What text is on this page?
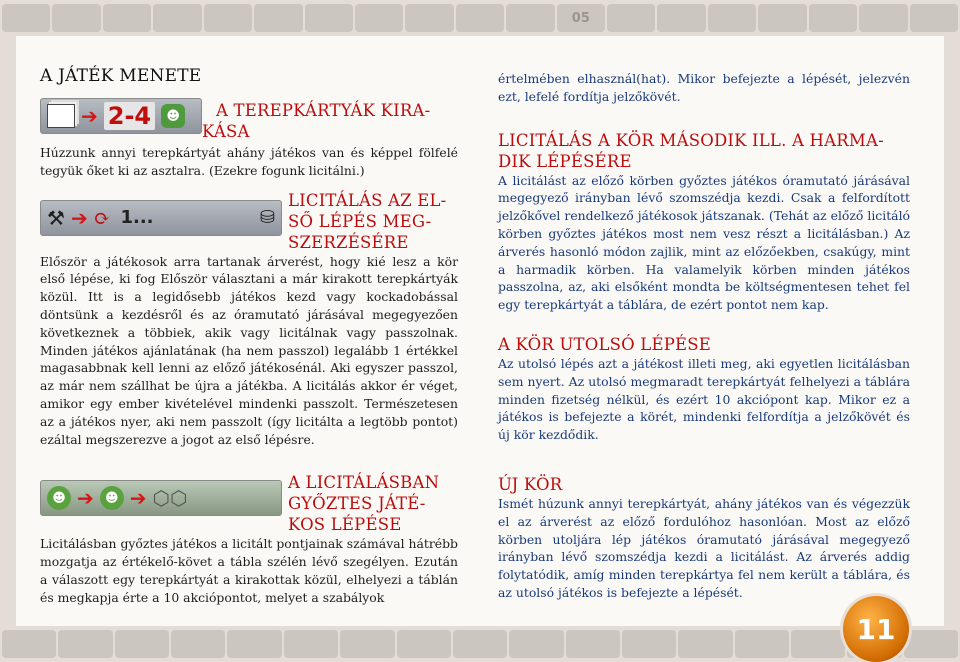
05
A JÁTÉK MENETE
➔ 2-4	☻	A TEREPKÁRTYÁK KIRA-
KÁSA

Húzzunk annyi terepkártyát ahány játékos van és képpel fölfelé tegyük őket ki az asztalra. (Ezekre fogunk licitálni.)

⚒ ➔ ⟳ 1...	⛁
LICITÁLÁS AZ EL-
SŐ LÉPÉS MEG-
SZERZÉSÉRE

Először a játékosok arra tartanak árverést, hogy kié lesz a kör első lépése, ki fog Először választani a már kirakott terepkártyák közül. Itt is a legidősebb játékos kezd vagy kockadobással döntsünk a kezdésről és az óramutató járásával megegyezően következnek a többiek, akik vagy licitálnak vagy passzolnak. Minden játékos ajánlatának (ha nem passzol) legalább 1 értékkel magasabbnak kell lenni az előző játékosénál. Aki egyszer passzol, az már nem szállhat be újra a játékba. A licitálás akkor ér véget, amikor egy ember kivételével mindenki passzolt. Természetesen az a játékos nyer, aki nem passzolt (így licitálta a legtöbb pontot) ezáltal megszerezve a jogot az első lépésre.

☻ ➔ ☻ ➔ ⬡⬡
A LICITÁLÁSBAN
GYŐZTES JÁTÉ-
KOS LÉPÉSE

Licitálásban győztes játékos a licitált pontjainak számával hátrébb mozgatja az értékelő-követ a tábla szélén lévő szegélyen. Ezután a válaszott egy terepkártyát a kirakottak közül, elhelyezi a táblán és megkapja érte a 10 akciópontot, melyet a szabályok

értelmében elhasznál(hat). Mikor befejezte a lépését, jelezvén ezt, lefelé fordítja jelzőkövét.

LICITÁLÁS A KÖR MÁSODIK ILL. A HARMA-
DIK LÉPÉSÉRE

A licitálást az előző körben győztes játékos óramutató járásával megegyező irányban lévő szomszédja kezdi. Csak a felfordított jelzőkővel rendelkező játékosok játszanak. (Tehát az előző licitáló körben győztes játékos most nem vesz részt a licitálásban.) Az árverés hasonló módon zajlik, mint az előzőekben, csakúgy, mint a harmadik körben. Ha valamelyik körben minden játékos passzolna, az, aki elsőként mondta be költségmentesen tehet fel egy terepkártyát a táblára, de ezért pontot nem kap.

A KÖR UTOLSÓ LÉPÉSE

Az utolsó lépés azt a játékost illeti meg, aki egyetlen licitálásban sem nyert. Az utolsó megmaradt terepkártyát felhelyezi a táblára minden fizetség nélkül, és ezért 10 akciópont kap. Mikor ez a játékos is befejezte a körét, mindenki felfordítja a jelzőkövét és új kör kezdődik.

ÚJ KÖR

Ismét húzunk annyi terepkártyát, ahány játékos van és végezzük el az árverést az előző fordulóhoz hasonlóan. Most az előző körben utoljára lép játékos óramutató járásával megegyező irányban lévő szomszédja kezdi a licitálást. Az árverés addig folytatódik, amíg minden terepkártya fel nem került a táblára, és az utolsó játékos is befejezte a lépését.

11
